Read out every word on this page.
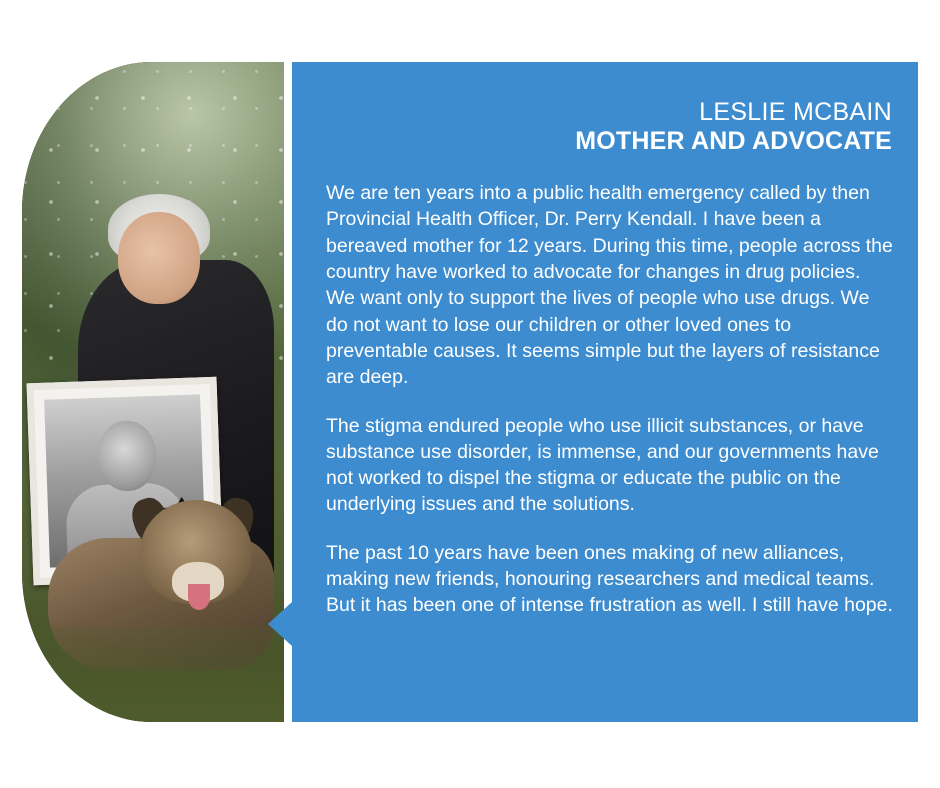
LESLIE MCBAIN
MOTHER AND ADVOCATE

We are ten years into a public health emergency called by then Provincial Health Officer, Dr. Perry Kendall. I have been a bereaved mother for 12 years. During this time, people across the country have worked to advocate for changes in drug policies. We want only to support the lives of people who use drugs. We do not want to lose our children or other loved ones to preventable causes. It seems simple but the layers of resistance are deep.

The stigma endured people who use illicit substances, or have substance use disorder, is immense, and our governments have not worked to dispel the stigma or educate the public on the underlying issues and the solutions.

The past 10 years have been ones making of new alliances, making new friends, honouring researchers and medical teams. But it has been one of intense frustration as well. I still have hope.
